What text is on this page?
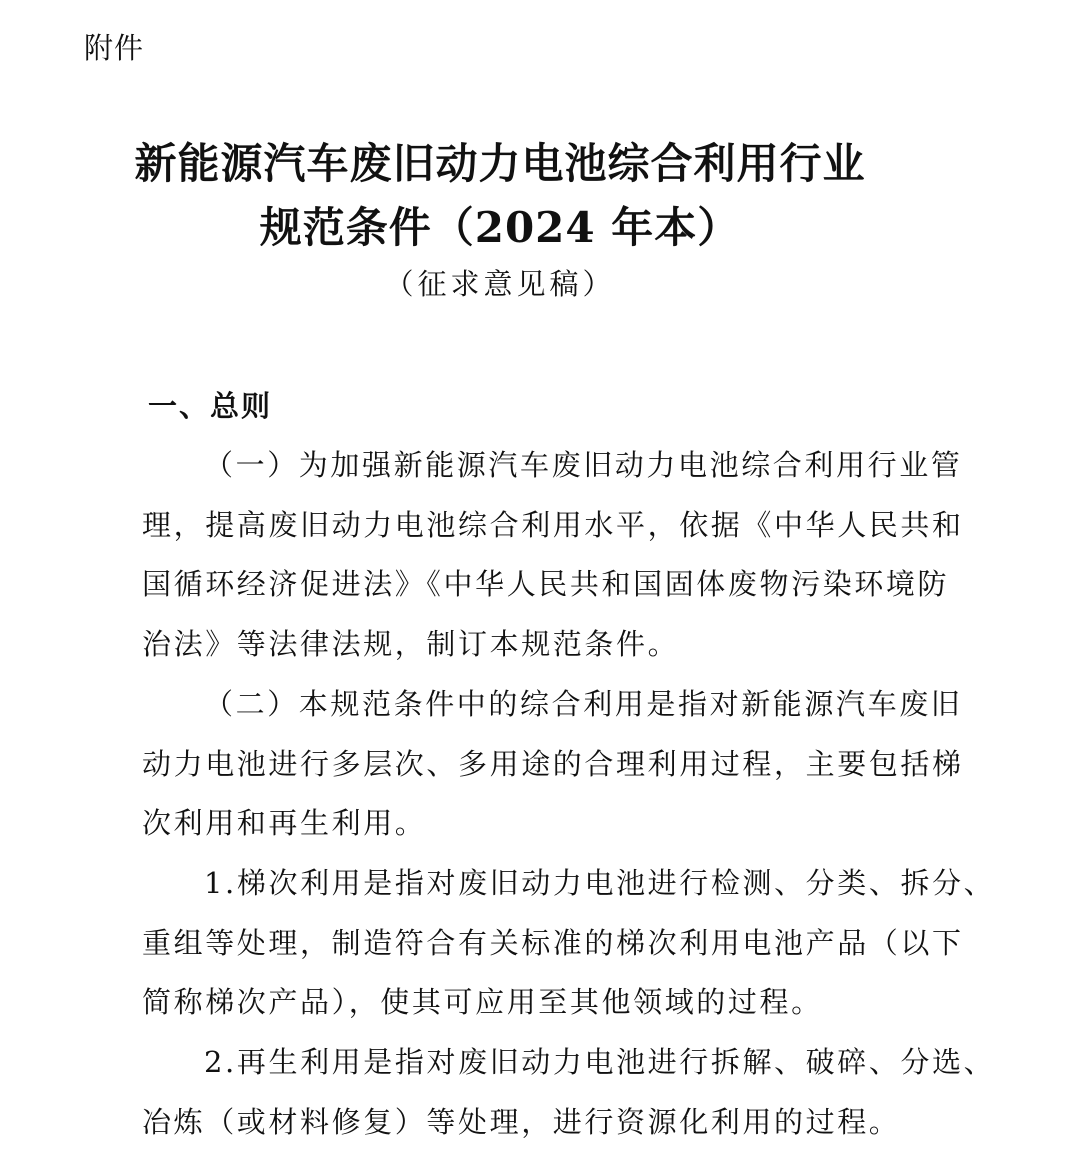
附件
新能源汽车废旧动力电池综合利用行业
规范条件（2024 年本）
（征求意见稿）
一、总则
（一）为加强新能源汽车废旧动力电池综合利用行业管
理，提高废旧动力电池综合利用水平，依据《中华人民共和
国循环经济促进法》《中华人民共和国固体废物污染环境防
治法》等法律法规，制订本规范条件。
（二）本规范条件中的综合利用是指对新能源汽车废旧
动力电池进行多层次、多用途的合理利用过程，主要包括梯
次利用和再生利用。
1.梯次利用是指对废旧动力电池进行检测、分类、拆分、
重组等处理，制造符合有关标准的梯次利用电池产品（以下
简称梯次产品），使其可应用至其他领域的过程。
2.再生利用是指对废旧动力电池进行拆解、破碎、分选、
冶炼（或材料修复）等处理，进行资源化利用的过程。
